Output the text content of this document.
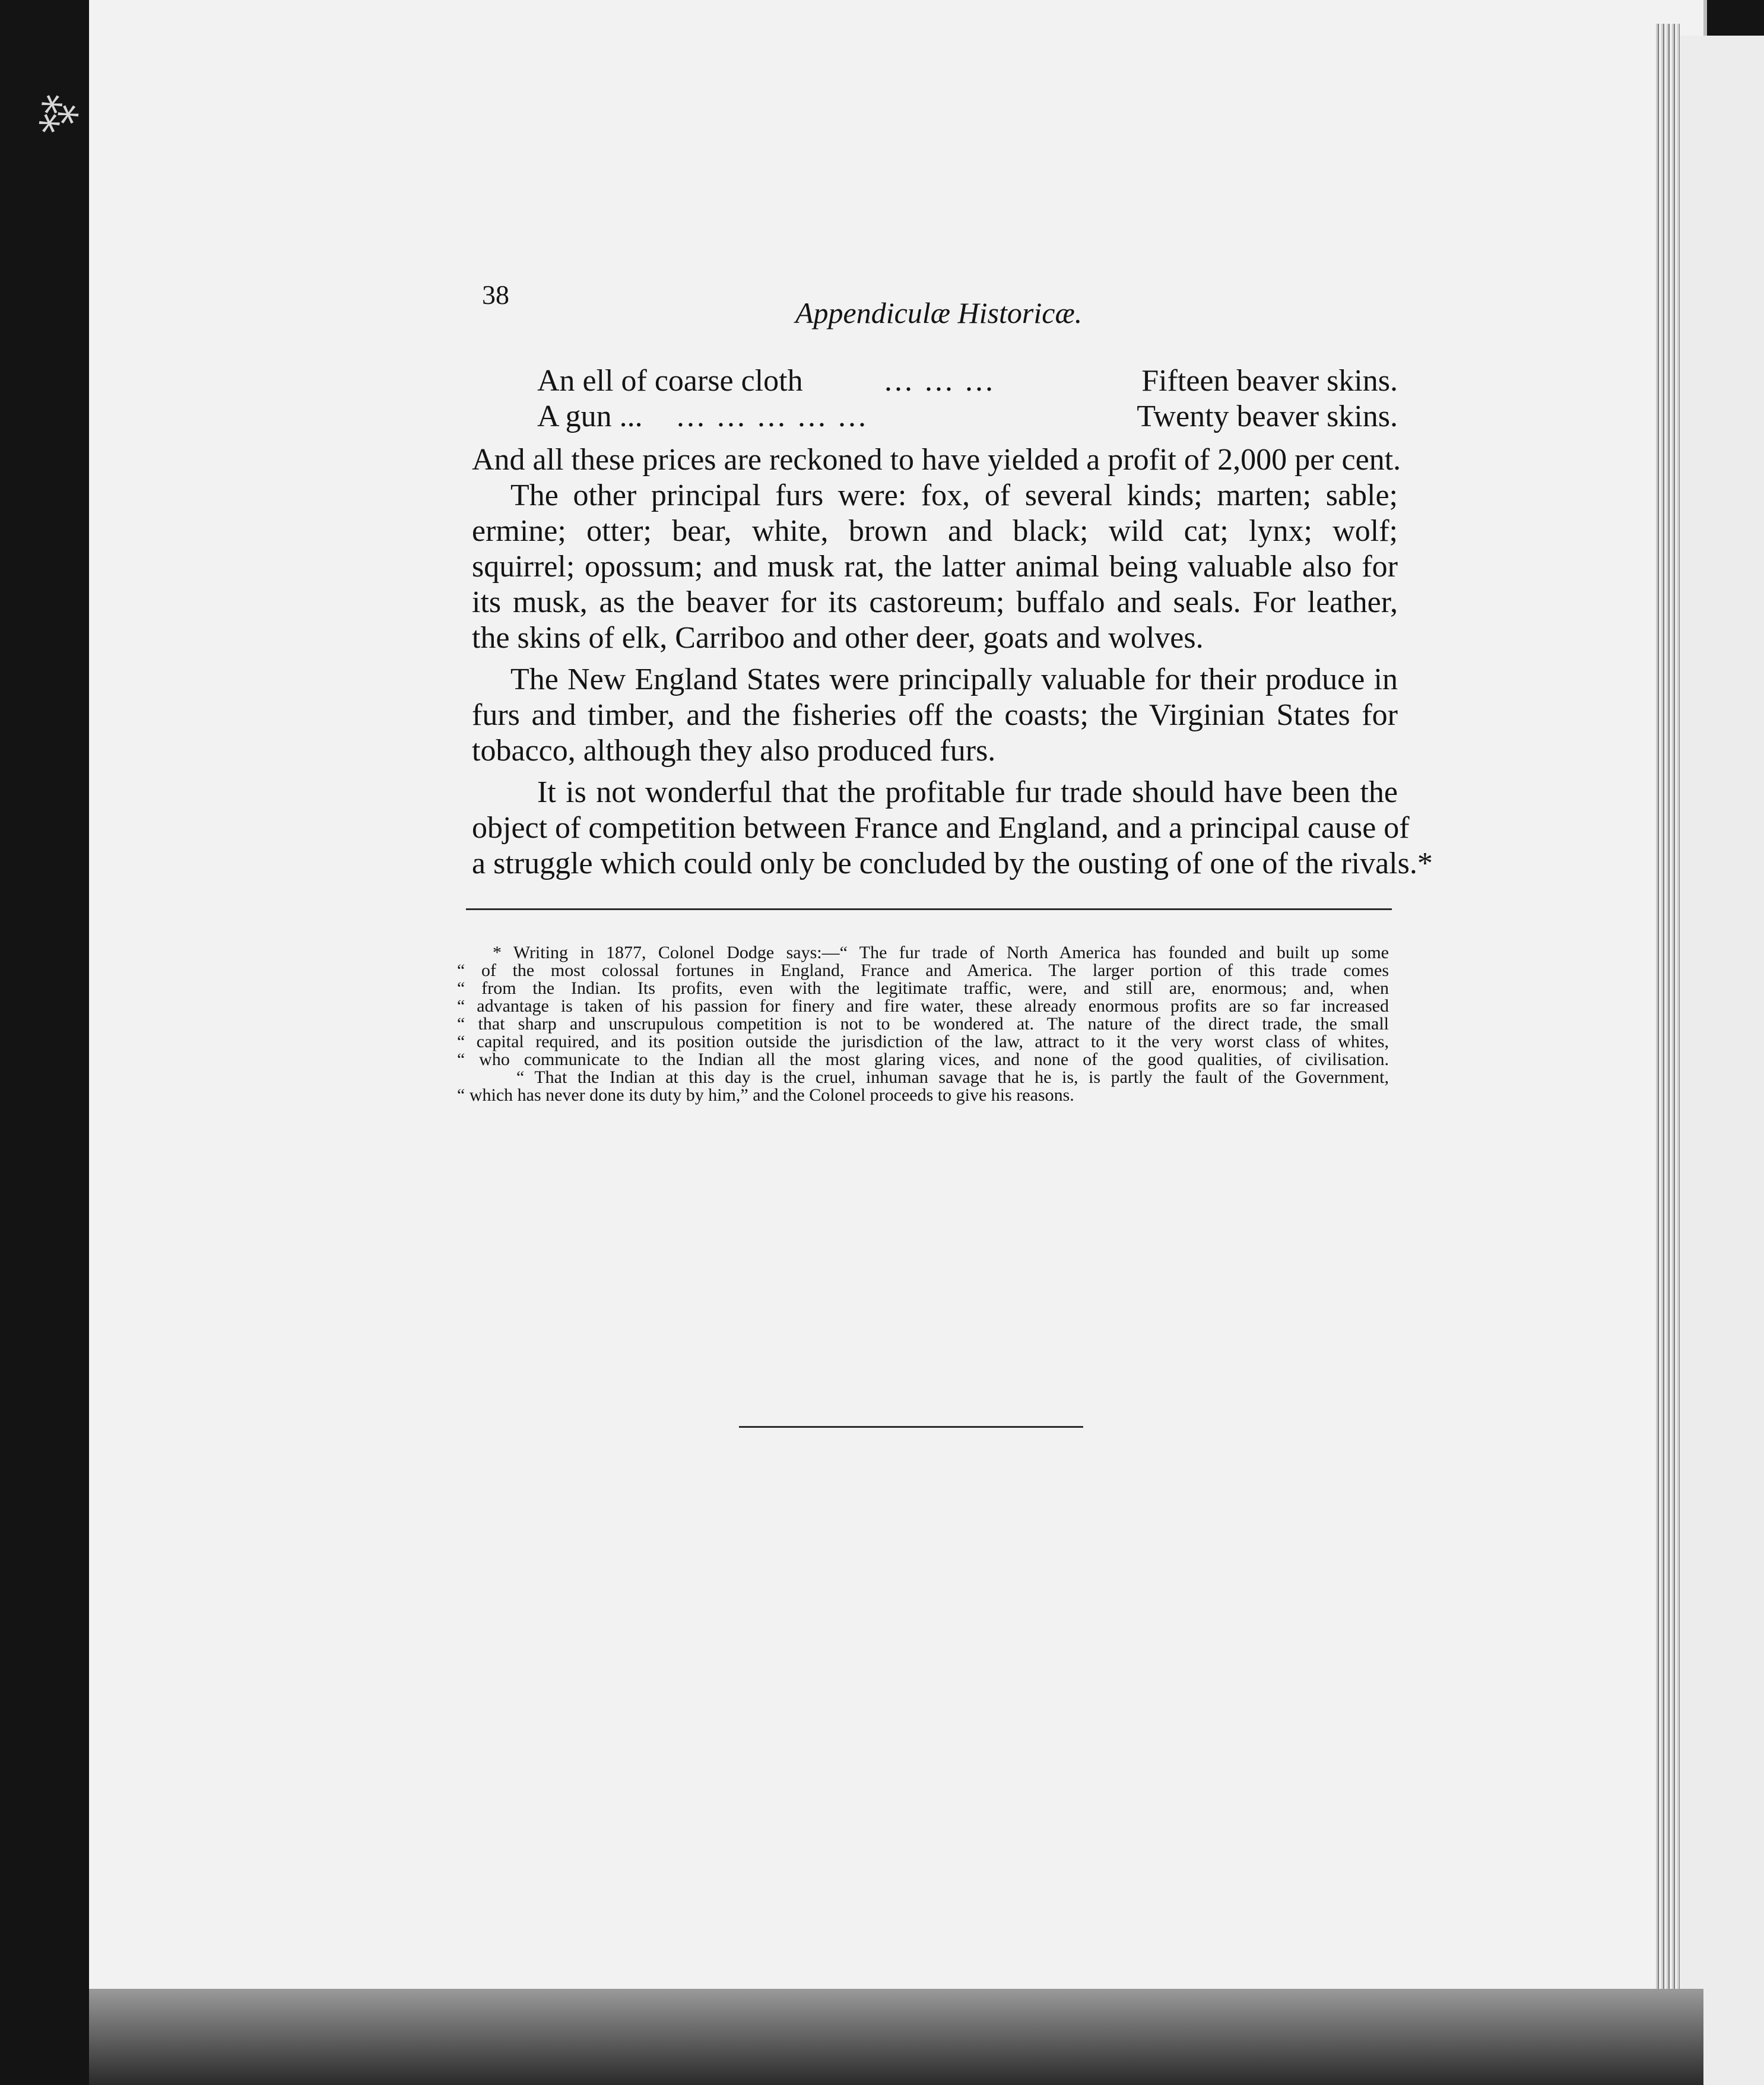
⁂
38
Appendiculæ Historicæ.
An ell of coarse cloth	... ... ...	Fifteen beaver skins.
A gun ... ... ... ... ... ...	Twenty beaver skins.
And all these prices are reckoned to have yielded a profit of 2,000 per cent.
The other principal furs were: fox, of several kinds; marten; sable;
ermine; otter; bear, white, brown and black; wild cat; lynx; wolf;
squirrel; opossum; and musk rat, the latter animal being valuable also for
its musk, as the beaver for its castoreum; buffalo and seals. For leather,
the skins of elk, Carriboo and other deer, goats and wolves.
The New England States were principally valuable for their produce in
furs and timber, and the fisheries off the coasts; the Virginian States for
tobacco, although they also produced furs.
It is not wonderful that the profitable fur trade should have been the
object of competition between France and England, and a principal cause of
a struggle which could only be concluded by the ousting of one of the rivals.*
* Writing in 1877, Colonel Dodge says:—“ The fur trade of North America has founded and built up some
“ of the most colossal fortunes in England, France and America. The larger portion of this trade comes
“ from the Indian. Its profits, even with the legitimate traffic, were, and still are, enormous; and, when
“ advantage is taken of his passion for finery and fire water, these already enormous profits are so far increased
“ that sharp and unscrupulous competition is not to be wondered at. The nature of the direct trade, the small
“ capital required, and its position outside the jurisdiction of the law, attract to it the very worst class of whites,
“ who communicate to the Indian all the most glaring vices, and none of the good qualities, of civilisation.
“ That the Indian at this day is the cruel, inhuman savage that he is, is partly the fault of the Government,
“ which has never done its duty by him,” and the Colonel proceeds to give his reasons.
